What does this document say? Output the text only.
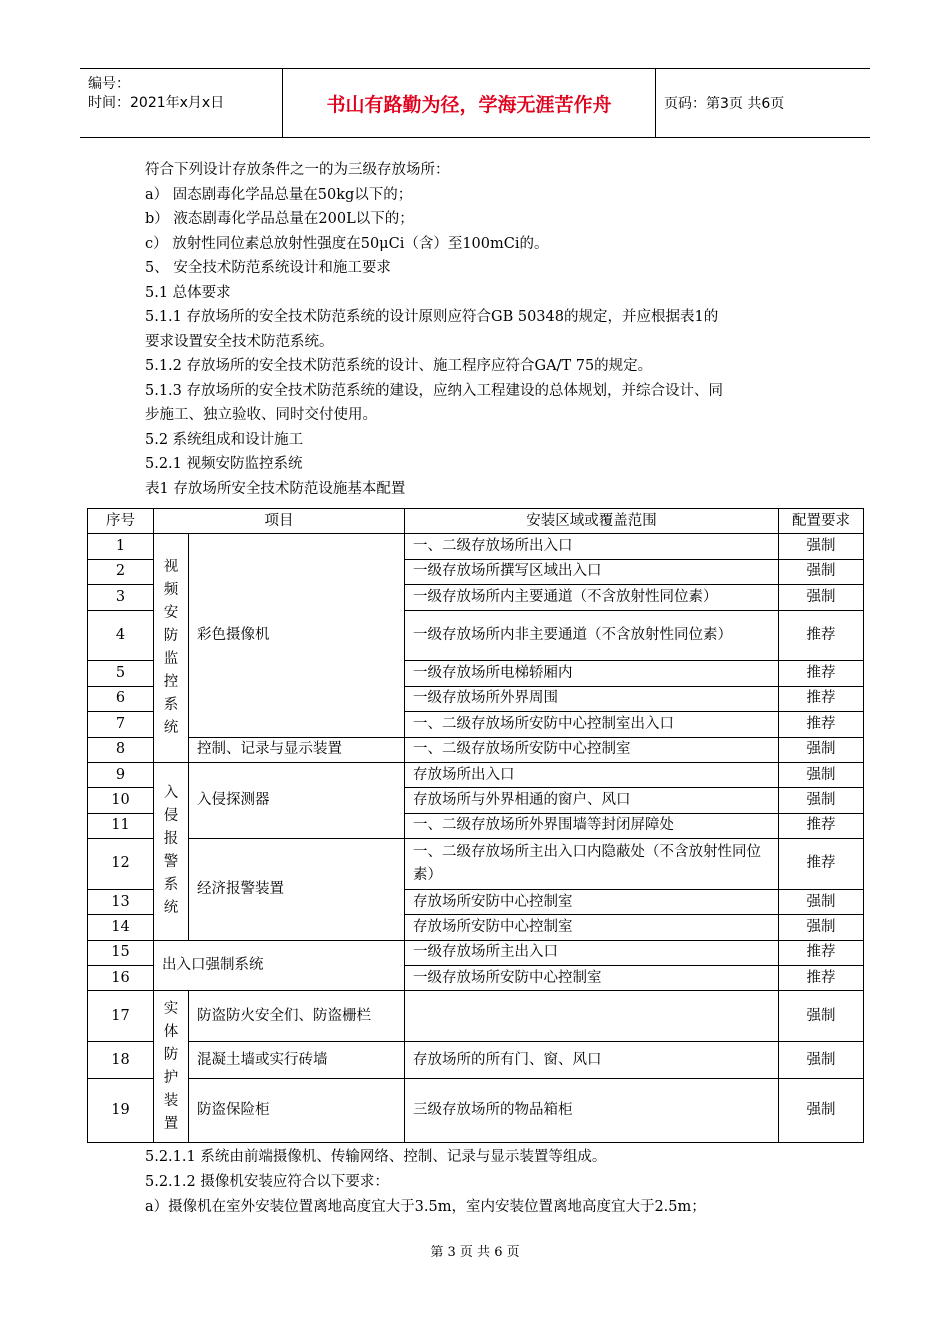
编号：
时间：2021年x月x日	书山有路勤为径，学海无涯苦作舟	页码：第3页 共6页
符合下列设计存放条件之一的为三级存放场所：
a） 固态剧毒化学品总量在50kg以下的；
b） 液态剧毒化学品总量在200L以下的；
c） 放射性同位素总放射性强度在50μCi（含）至100mCi的。
5、 安全技术防范系统设计和施工要求
5.1 总体要求
5.1.1 存放场所的安全技术防范系统的设计原则应符合GB 50348的规定，并应根据表1的
要求设置安全技术防范系统。
5.1.2 存放场所的安全技术防范系统的设计、施工程序应符合GA/T 75的规定。
5.1.3 存放场所的安全技术防范系统的建设，应纳入工程建设的总体规划，并综合设计、同
步施工、独立验收、同时交付使用。
5.2 系统组成和设计施工
5.2.1 视频安防监控系统
表1 存放场所安全技术防范设施基本配置
序号	项目		安装区域或覆盖范围	配置要求
1	视频安防监控系统	彩色摄像机	一、二级存放场所出入口	强制
2			一级存放场所撰写区域出入口	强制
3			一级存放场所内主要通道（不含放射性同位素）	强制
4			一级存放场所内非主要通道（不含放射性同位素）	推荐
5			一级存放场所电梯轿厢内	推荐
6			一级存放场所外界周围	推荐
7			一、二级存放场所安防中心控制室出入口	推荐
8		控制、记录与显示装置	一、二级存放场所安防中心控制室	强制
9	入侵报警系统	入侵探测器	存放场所出入口	强制
10			存放场所与外界相通的窗户、风口	强制
11			一、二级存放场所外界围墙等封闭屏障处	推荐
12		经济报警装置	一、二级存放场所主出入口内隐蔽处（不含放射性同位素）	推荐
13			存放场所安防中心控制室	强制
14			存放场所安防中心控制室	强制
15	出入口强制系统		一级存放场所主出入口	推荐
16			一级存放场所安防中心控制室	推荐
17	实体防护装置	防盗防火安全们、防盗栅栏		强制
18		混凝土墙或实行砖墙	存放场所的所有门、窗、风口	强制
19		防盗保险柜	三级存放场所的物品箱柜	强制
5.2.1.1 系统由前端摄像机、传输网络、控制、记录与显示装置等组成。
5.2.1.2 摄像机安装应符合以下要求：
a）摄像机在室外安装位置离地高度宜大于3.5m，室内安装位置离地高度宜大于2.5m；
第 3 页 共 6 页
